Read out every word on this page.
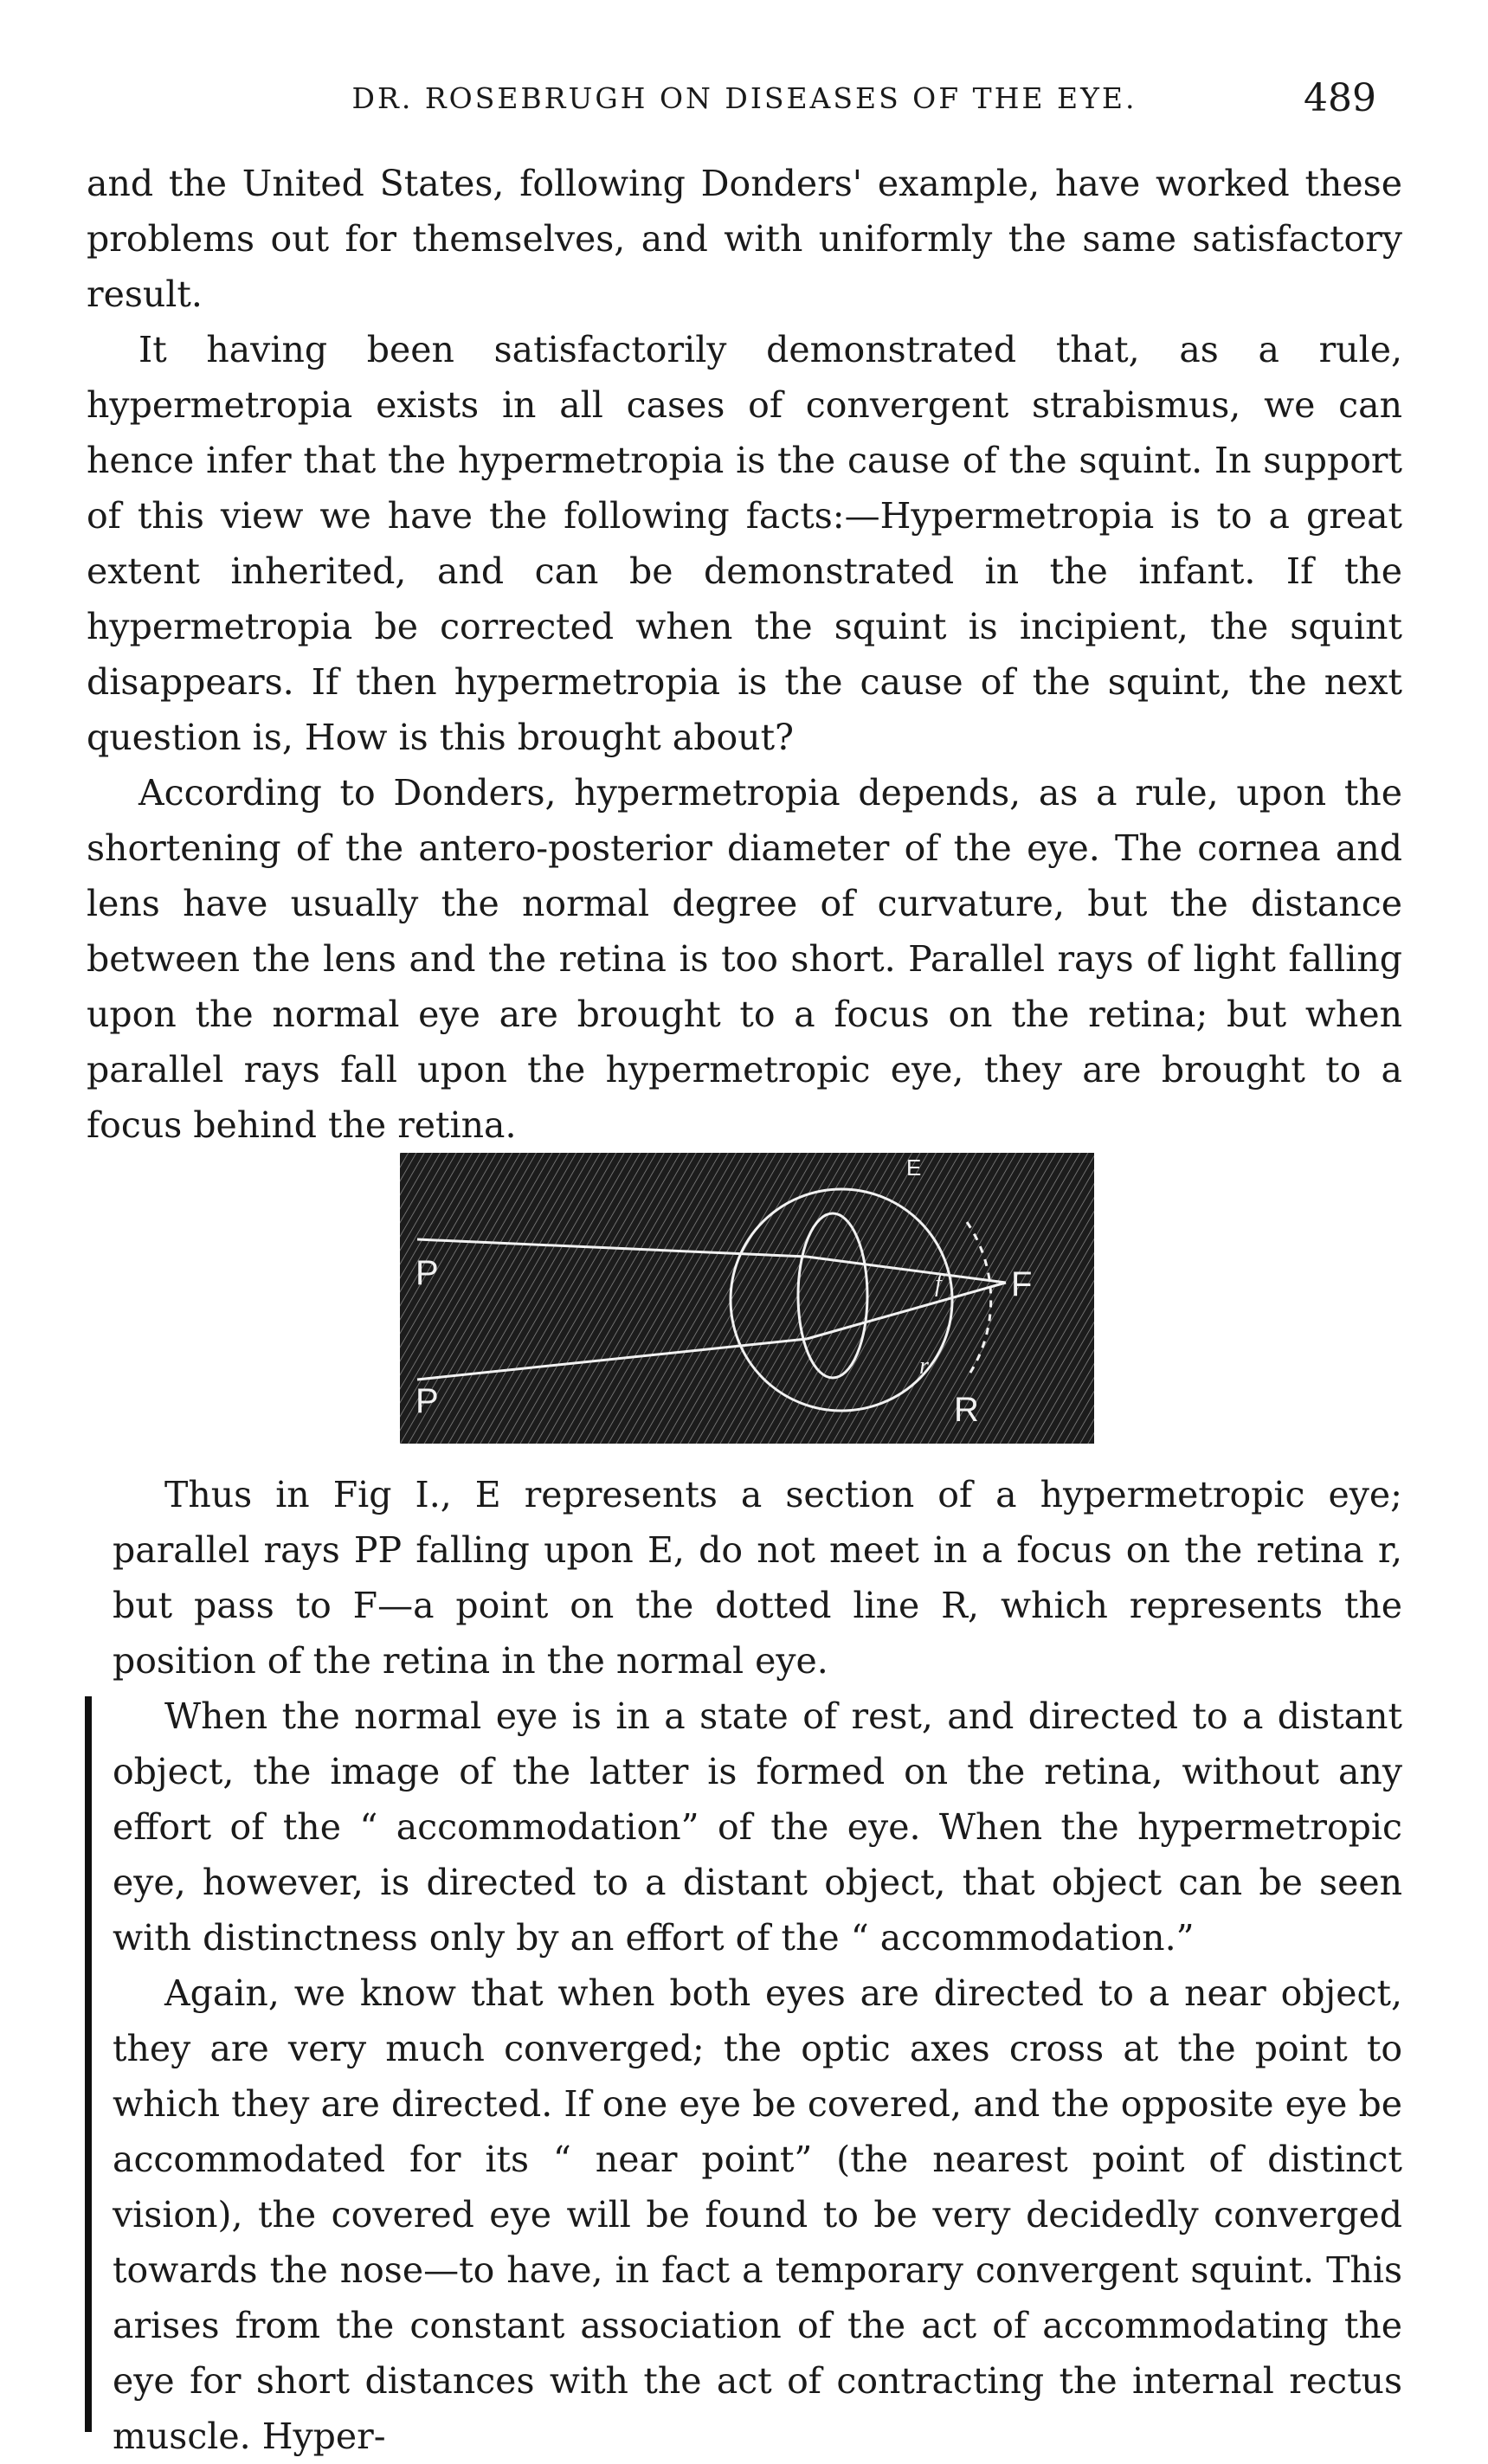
DR. ROSEBRUGH ON DISEASES OF THE EYE.	489

and the United States, following Donders' example, have worked these problems out for themselves, and with uniformly the same satisfactory result.

It having been satisfactorily demonstrated that, as a rule, hypermetropia exists in all cases of convergent strabismus, we can hence infer that the hypermetropia is the cause of the squint. In support of this view we have the following facts:—Hypermetropia is to a great extent inherited, and can be demonstrated in the infant. If the hypermetropia be corrected when the squint is incipient, the squint disappears. If then hypermetropia is the cause of the squint, the next question is, How is this brought about?

According to Donders, hypermetropia depends, as a rule, upon the shortening of the antero-posterior diameter of the eye. The cornea and lens have usually the normal degree of curvature, but the distance between the lens and the retina is too short. Parallel rays of light falling upon the normal eye are brought to a focus on the retina; but when parallel rays fall upon the hypermetropic eye, they are brought to a focus behind the retina.

P
P
E
F
R
r
f

Thus in Fig I., E represents a section of a hypermetropic eye; parallel rays PP falling upon E, do not meet in a focus on the retina r, but pass to F—a point on the dotted line R, which represents the position of the retina in the normal eye.

When the normal eye is in a state of rest, and directed to a distant object, the image of the latter is formed on the retina, without any effort of the “ accommodation” of the eye. When the hypermetropic eye, however, is directed to a distant object, that object can be seen with distinctness only by an effort of the “ accommodation.”

Again, we know that when both eyes are directed to a near object, they are very much converged; the optic axes cross at the point to which they are directed. If one eye be covered, and the opposite eye be accommodated for its “ near point” (the nearest point of distinct vision), the covered eye will be found to be very decidedly converged towards the nose—to have, in fact a temporary convergent squint. This arises from the constant association of the act of accommodating the eye for short distances with the act of contracting the internal rectus muscle. Hyper-
